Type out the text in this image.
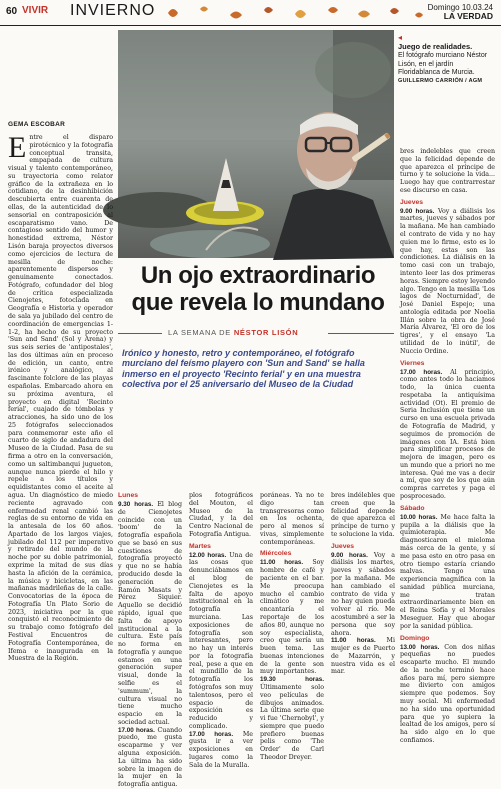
60 VIVIR INVIERNO	Domingo 10.03.24
LA VERDAD
◂
Juego de realidades.
El fotógrafo murciano Néstor Lisón, en el jardín Floridablanca de Murcia. GUILLERMO CARRIÓN / AGM
GEMA ESCOBAR
Entre el disparo pirotécnico y la fotografía conceptual transita, empapada de cultura visual y talento contemporáneo, su trayectoria como relator gráfico de la extrañeza en lo cotidiano, de la desinhibición descubierta entre cuarenta de ellas, de la autenticidad de lo sensorial en contraposición al escaparatismo vano. De contagioso sentido del humor y honestidad extrema, Néstor Lisón baraja proyectos diversos como ejercicios de lectura de mesilla de noche: aparentemente dispersos y genuinamente conectados. Fotógrafo, cofundador del blog de crítica especializada Cienojetes, fotoclada en Geografía e Historia y operador de sala ya jubilado del centro de coordinación de emergencias 1-1-2, ha hecho de su proyecto 'Sun and Sand' (Sol y Arena) y sus seis series de 'antipostales', las dos últimas aún en proceso de edición, un canto, entre irónico y analógico, al fascinante folclore de las playas españolas. Embarcado ahora en su próxima aventura, el proyecto en digital 'Recinto ferial', cuajado de tómbolas y atracciones, ha sido uno de los 25 fotógrafos seleccionados para conmemorar este año el cuarto de siglo de andadura del Museo de la Ciudad. Pasa de su firma a otro en la conversación, como un saltimbanqui jugueton, aunque nunca pierde el hilo y repele a los títulos y equidistantes como el aceite al agua. Un diagnóstico de miedo reciente agravado con enfermedad renal cambió las reglas de su entorno de vida en la antesala de los 60 años. Apartado de los largos viajes, jubilado del 112 per imperativo y retirado del mundo de la noche por su doble patrimonial, exprime la mitad de sus días hasta la afición de la cerámica, la música y bicicletas, en las mañanas madrileñas de la calle. Convocatorias de la época de Fotografía Un Plato Sorio de 2023, iniciativa por la que conquistó el reconocimiento de su trabajo como fotógrafo del Festival Encuentros de Fotografía Contemporánea, de Ifema e inaugurada en la Muestra de la Región.
bres indelebles que creen que la felicidad depende de que aparezca el príncipe de turno y te solucione la vida... Luego hay que contrarrestar ese discurso en casa.
Jueves
9.00 horas. Voy a diálisis los martes, jueves y sábados por la mañana. Me han cambiado el contrato de vida y no hay quien me lo firme, esto es lo que hay, estas son las condiciones. La diálisis en la tomo casi con un trabajo, intento leer las dos primeras horas. Siempre estoy leyendo algo. Tengo en la mesilla 'Los lagos de Nocturnidad', de José Daniel Espejo; una antología editada por Noelia Illán sobre la obra de José María Álvarez, 'El oro de los tigres', y el ensayo 'La utilidad de lo inútil', de Nuccio Ordine.
Viernes
17.00 horas. Al principio, como antes todo lo hacíamos todo, la única cuenta respetaba la antiquísima actividad (Ot). El premio de Seria Inclusión que tiene un curso en una escuela privada de Fotografía de Madrid, y seguimos de promoción de imágenes con IA. Está bien para simplificar procesos de mejora de imagen, pero es un mundo que a priori no me interesa. Qué me vas a decir a mí, que soy de los que aún compras carretes y paga el posprocesado.
Sábado
10.00 horas. Me hace falta la pupila a la diálisis que la quimioterapia. Me diagnosticaron el mieloma más cerca de la gente, y sí me pasa esto en otro pasa en otro tiempo estaría criando malvas. Tengo una experiencia magnífica con la sanidad pública murciana, me tratan extraordinariamente bien en el Reina Sofía y el Morales Meseguer. Hay que abogar por la sanidad pública.
Domingo
13.00 horas. Con dos niñas pequeñas no puedes escaparte mucho. El mundo de la noche terminó hace años para mí, pero siempre me divierto con amigos siempre que podemos. Soy muy social. Mi enfermedad no ha sido una oportunidad para que yo supiera la lealtad de los amigos, pero sí ha sido algo en lo que confiamos.
Un ojo extraordinario que revela lo mundano
LA SEMANA DE NÉSTOR LISÓN

Irónico y honesto, retro y contemporáneo, el fotógrafo murciano del feísmo playero con 'Sun and Sand' se halla inmerso en el proyecto 'Recinto ferial' y en una muestra colectiva por el 25 aniversario del Museo de la Ciudad

Lunes
9.30 horas. El blog de Cienojetes coincide con un 'boom' de la fotografía española que se basó en sus cuestiones de fotografía proyectó y que no se había producido desde la generación de Ramón Masats y Pérez Siquier. Aquello se decidió rápido, igual que falta de apoyo institucional a la cultura. Este país no forma en fotografía y aunque estamos en una generación super visual, donde la selfie es el 'summum', la cultura visual no tiene mucho espacio en la sociedad actual.
17.00 horas. Cuando puedo, me gusta escaparme y ver alguna exposición. La última ha sido sobre la imagen de la mujer en la fotografía antigua.
plos fotográficos del Mouton, el Museo de la Ciudad, y la del Centro Nacional de Fotografía Antigua.
Martes
12.00 horas. Una de las cosas que denunciábamos en el blog de Cienojetes es la falta de apoyo institucional en la fotografía murciana. Las exposiciones de fotografía son interesantes, pero no hay un interés por la fotografía real, pese a que en el mundillo de la fotografía los fotógrafos son muy talentosos, pero el espacio de exposición es reducido y complicado.
17.00 horas. Me gusta ir a ver exposiciones en lugares como la Sala de la Muralla.
poráneas. Ya no te digo tan transgresoras como en los ochenta, pero al menos sí vivas, simplemente contemporáneas.
Miércoles
11.00 horas. Soy hombre de café y paciente en el bar. Me preocupa mucho el cambio climático y me encantaría el reportaje de los años 80, aunque no soy especialista, creo que sería un buen tema. Las buenas intenciones de la gente son muy importantes.
19.30 horas. Últimamente solo veo películas de dibujos animados. La última serie que vi fue 'Chernobyl', y siempre que puedo prefiero buenas pelis como 'The Order' de Carl Theodor Dreyer.
bres indélebles que creen que la felicidad depende de que aparezca el príncipe de turno y te solucione la vida.
Jueves
9.00 horas. Voy a diálisis los martes, jueves y sábados por la mañana. Me han cambiado el contrato de vida y no hay quien pueda volver al río. Me acostumbré a ser la persona que soy ahora.
11.00 horas. Mi mujer es de Puerto de Mazarrón, y nuestra vida es el mar.
